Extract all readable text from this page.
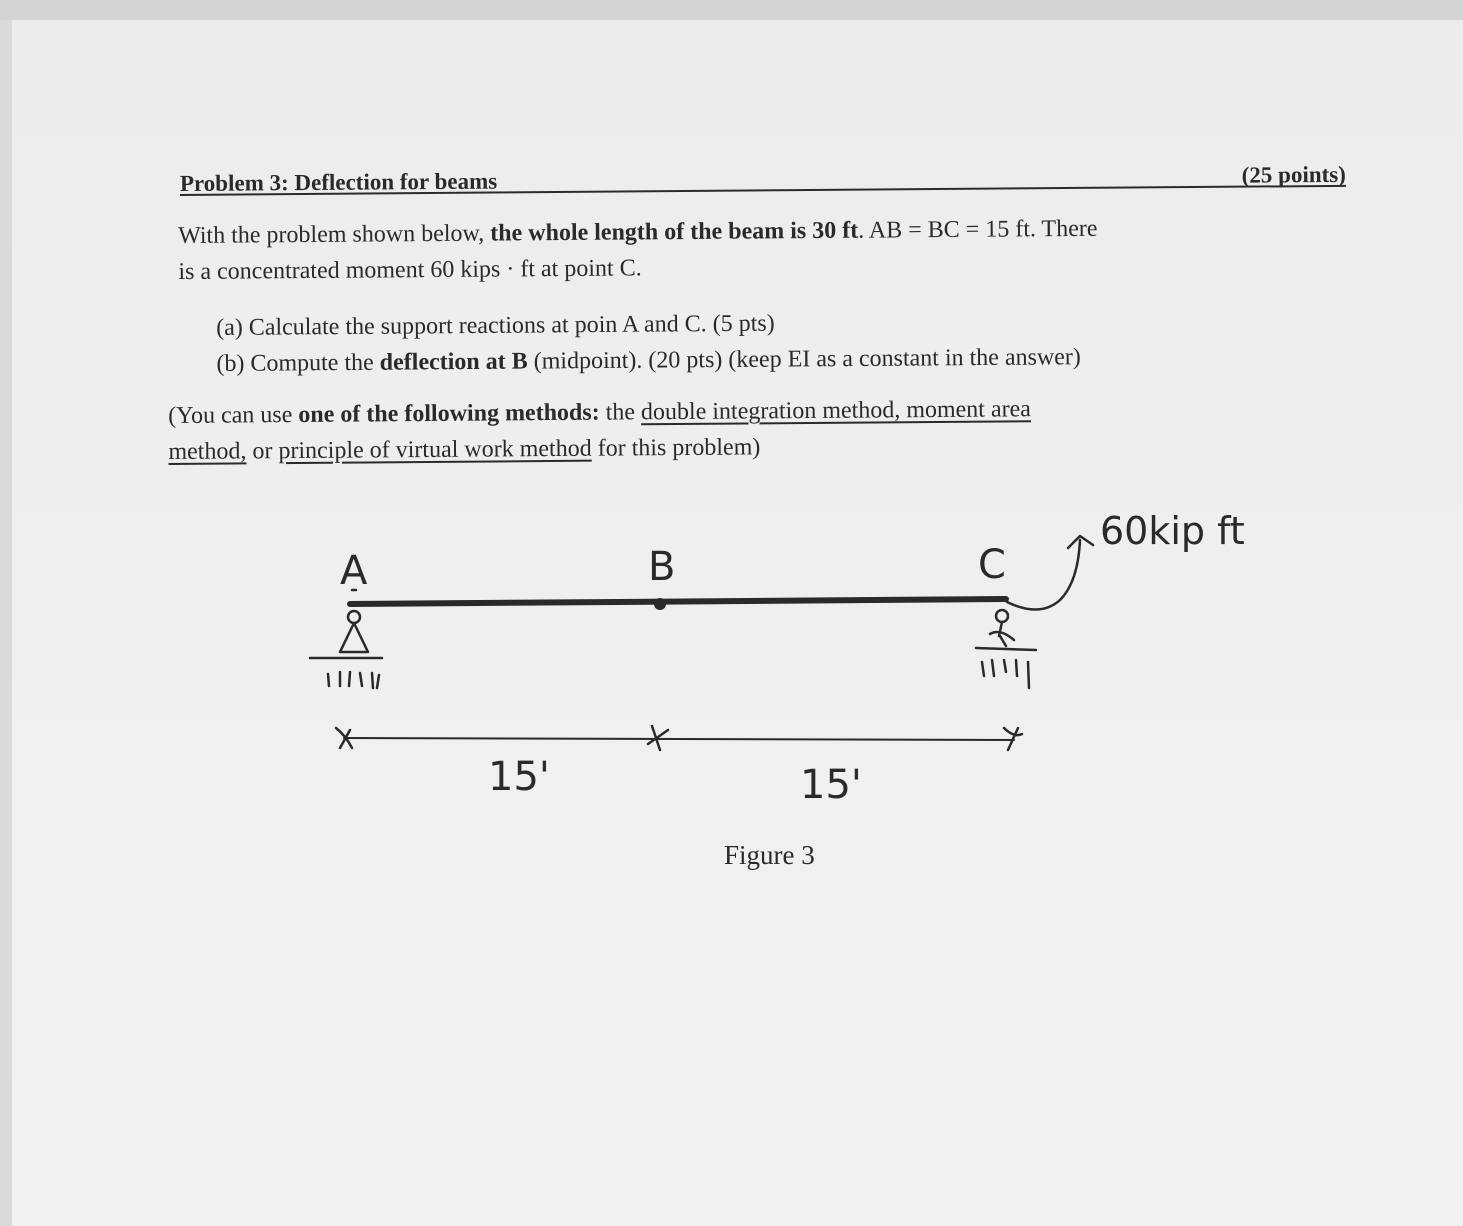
Problem 3: Deflection for beams	(25 points)
With the problem shown below, the whole length of the beam is 30 ft. AB = BC = 15 ft. There
is a concentrated moment 60 kips · ft at point C.
(a) Calculate the support reactions at poin A and C. (5 pts)
(b) Compute the deflection at B (midpoint). (20 pts) (keep EI as a constant in the answer)
(You can use one of the following methods: the double integration method, moment area
method, or principle of virtual work method for this problem)
A	B	C
60kip ft
15'	15'
Figure 3
